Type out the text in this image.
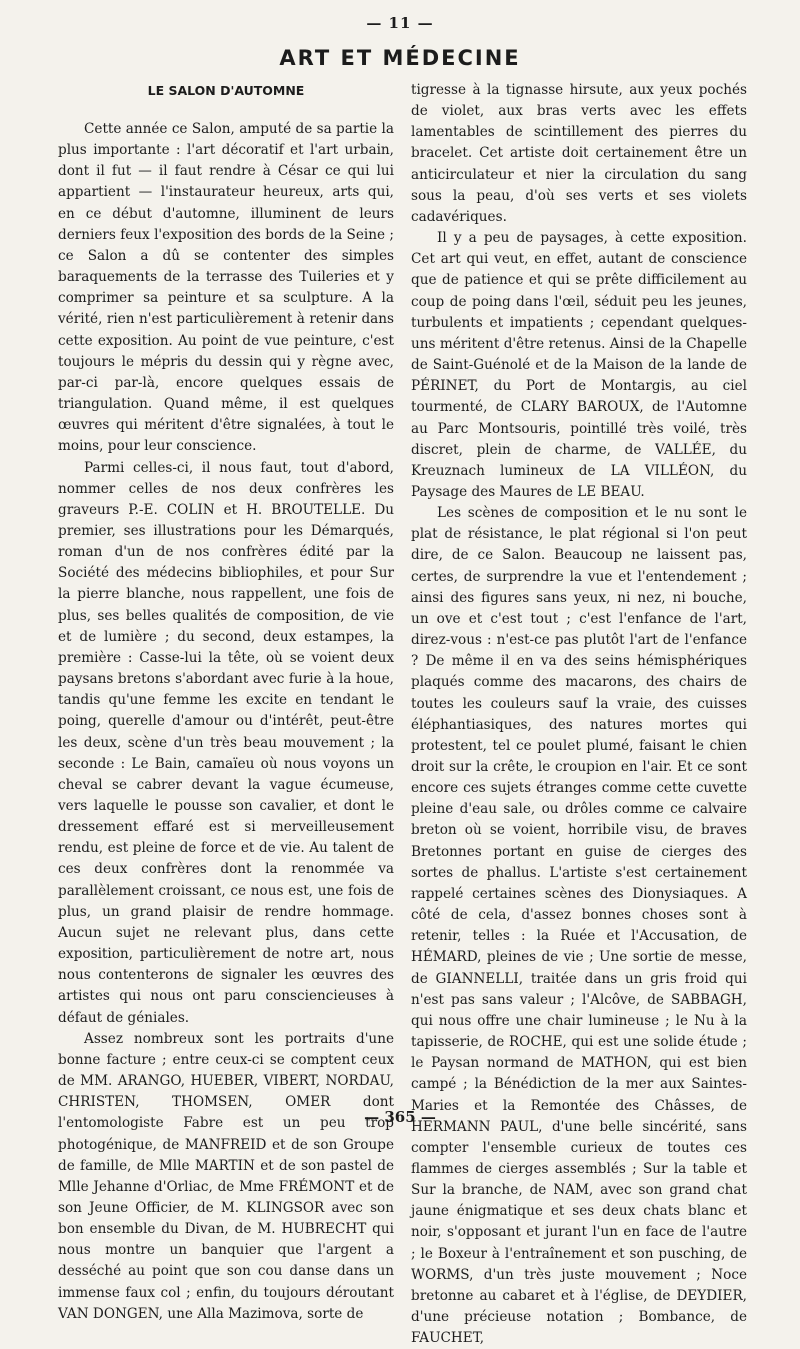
— 11 —
ART ET MÉDECINE
LE SALON D'AUTOMNE

Cette année ce Salon, amputé de sa partie la plus importante : l'art décoratif et l'art urbain, dont il fut — il faut rendre à César ce qui lui appartient — l'instaurateur heureux, arts qui, en ce début d'automne, illuminent de leurs derniers feux l'exposition des bords de la Seine ; ce Salon a dû se contenter des simples baraquements de la terrasse des Tuileries et y comprimer sa peinture et sa sculpture. A la vérité, rien n'est particulièrement à retenir dans cette exposition. Au point de vue peinture, c'est toujours le mépris du dessin qui y règne avec, par-ci par-là, encore quelques essais de triangulation. Quand même, il est quelques œuvres qui méritent d'être signalées, à tout le moins, pour leur conscience.

Parmi celles-ci, il nous faut, tout d'abord, nommer celles de nos deux confrères les graveurs P.-E. COLIN et H. BROUTELLE. Du premier, ses illustrations pour les Démarqués, roman d'un de nos confrères édité par la Société des médecins bibliophiles, et pour Sur la pierre blanche, nous rappellent, une fois de plus, ses belles qualités de composition, de vie et de lumière ; du second, deux estampes, la première : Casse-lui la tête, où se voient deux paysans bretons s'abordant avec furie à la houe, tandis qu'une femme les excite en tendant le poing, querelle d'amour ou d'intérêt, peut-être les deux, scène d'un très beau mouvement ; la seconde : Le Bain, camaïeu où nous voyons un cheval se cabrer devant la vague écumeuse, vers laquelle le pousse son cavalier, et dont le dressement effaré est si merveilleusement rendu, est pleine de force et de vie. Au talent de ces deux confrères dont la renommée va parallèlement croissant, ce nous est, une fois de plus, un grand plaisir de rendre hommage. Aucun sujet ne relevant plus, dans cette exposition, particulièrement de notre art, nous nous contenterons de signaler les œuvres des artistes qui nous ont paru consciencieuses à défaut de géniales.

Assez nombreux sont les portraits d'une bonne facture ; entre ceux-ci se comptent ceux de MM. ARANGO, HUEBER, VIBERT, NORDAU, CHRISTEN, THOMSEN, OMER dont l'entomologiste Fabre est un peu trop photogénique, de MANFREID et de son Groupe de famille, de Mlle MARTIN et de son pastel de Mlle Jehanne d'Orliac, de Mme FRÉMONT et de son Jeune Officier, de M. KLINGSOR avec son bon ensemble du Divan, de M. HUBRECHT qui nous montre un banquier que l'argent a desséché au point que son cou danse dans un immense faux col ; enfin, du toujours déroutant VAN DONGEN, une Alla Mazimova, sorte de

tigresse à la tignasse hirsute, aux yeux pochés de violet, aux bras verts avec les effets lamentables de scintillement des pierres du bracelet. Cet artiste doit certainement être un anticirculateur et nier la circulation du sang sous la peau, d'où ses verts et ses violets cadavériques.

Il y a peu de paysages, à cette exposition. Cet art qui veut, en effet, autant de conscience que de patience et qui se prête difficilement au coup de poing dans l'œil, séduit peu les jeunes, turbulents et impatients ; cependant quelques-uns méritent d'être retenus. Ainsi de la Chapelle de Saint-Guénolé et de la Maison de la lande de PÉRINET, du Port de Montargis, au ciel tourmenté, de CLARY BAROUX, de l'Automne au Parc Montsouris, pointillé très voilé, très discret, plein de charme, de VALLÉE, du Kreuznach lumineux de LA VILLÉON, du Paysage des Maures de LE BEAU.

Les scènes de composition et le nu sont le plat de résistance, le plat régional si l'on peut dire, de ce Salon. Beaucoup ne laissent pas, certes, de surprendre la vue et l'entendement ; ainsi des figures sans yeux, ni nez, ni bouche, un ove et c'est tout ; c'est l'enfance de l'art, direz-vous : n'est-ce pas plutôt l'art de l'enfance ? De même il en va des seins hémisphériques plaqués comme des macarons, des chairs de toutes les couleurs sauf la vraie, des cuisses éléphantiasiques, des natures mortes qui protestent, tel ce poulet plumé, faisant le chien droit sur la crête, le croupion en l'air. Et ce sont encore ces sujets étranges comme cette cuvette pleine d'eau sale, ou drôles comme ce calvaire breton où se voient, horribile visu, de braves Bretonnes portant en guise de cierges des sortes de phallus. L'artiste s'est certainement rappelé certaines scènes des Dionysiaques. A côté de cela, d'assez bonnes choses sont à retenir, telles : la Ruée et l'Accusation, de HÉMARD, pleines de vie ; Une sortie de messe, de GIANNELLI, traitée dans un gris froid qui n'est pas sans valeur ; l'Alcôve, de SABBAGH, qui nous offre une chair lumineuse ; le Nu à la tapisserie, de ROCHE, qui est une solide étude ; le Paysan normand de MATHON, qui est bien campé ; la Bénédiction de la mer aux Saintes-Maries et la Remontée des Châsses, de HERMANN PAUL, d'une belle sincérité, sans compter l'ensemble curieux de toutes ces flammes de cierges assemblés ; Sur la table et Sur la branche, de NAM, avec son grand chat jaune énigmatique et ses deux chats blanc et noir, s'opposant et jurant l'un en face de l'autre ; le Boxeur à l'entraînement et son pusching, de WORMS, d'un très juste mouvement ; Noce bretonne au cabaret et à l'église, de DEYDIER, d'une précieuse notation ; Bombance, de FAUCHET,

— 365 —
